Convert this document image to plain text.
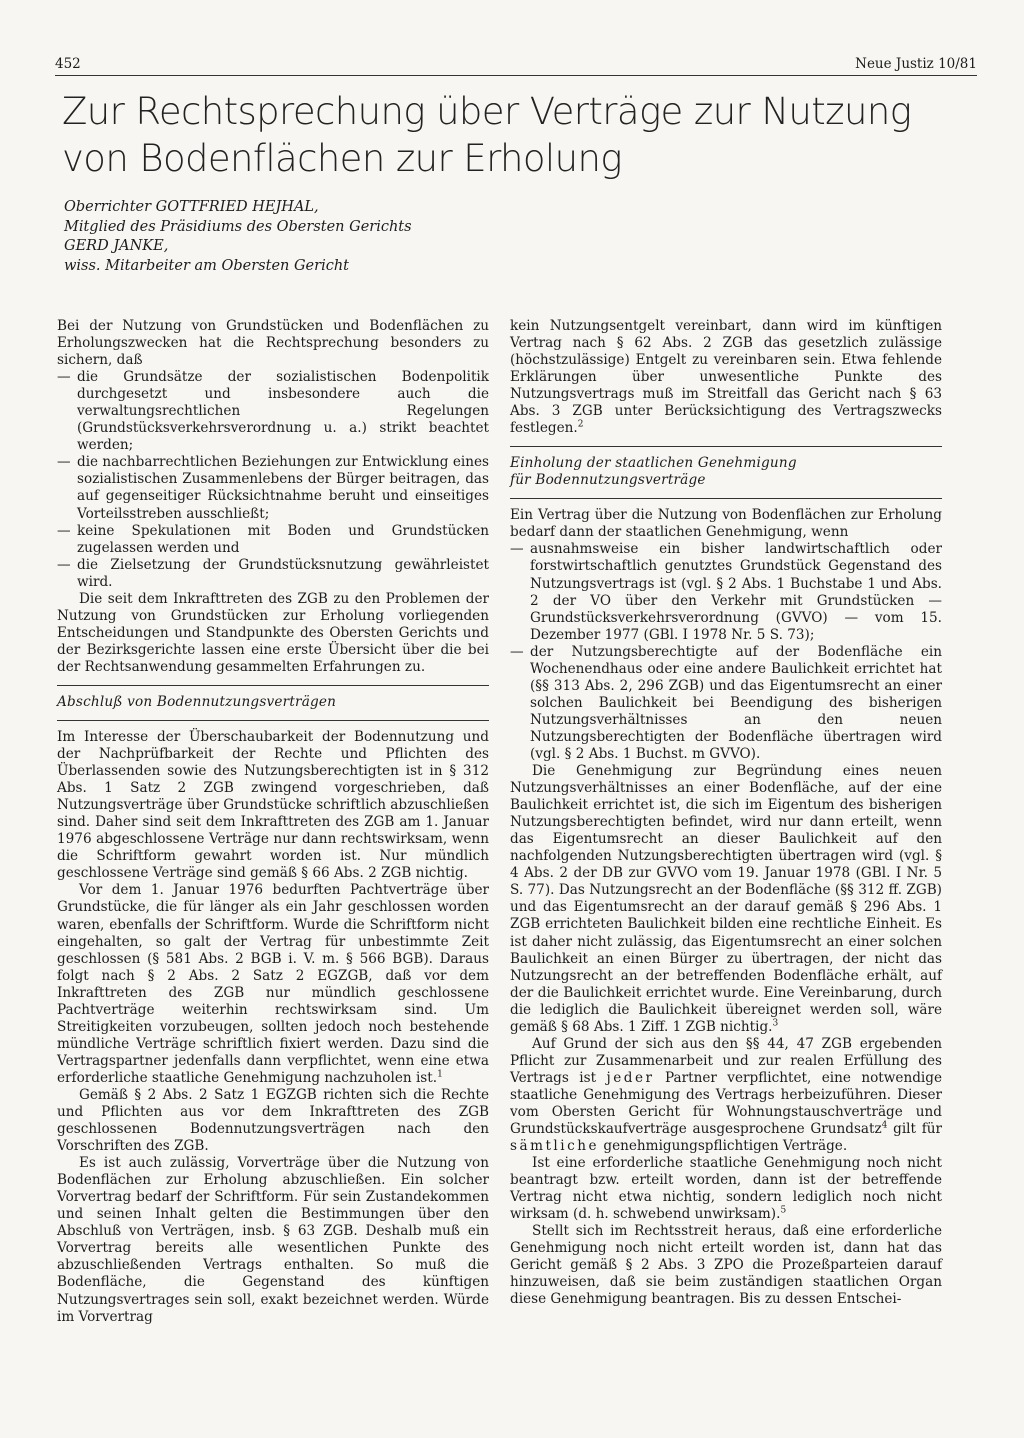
452	Neue Justiz 10/81
Zur Rechtsprechung über Verträge zur Nutzung
von Bodenflächen zur Erholung
Oberrichter GOTTFRIED HEJHAL,
Mitglied des Präsidiums des Obersten Gerichts
GERD JANKE,
wiss. Mitarbeiter am Obersten Gericht

Bei der Nutzung von Grundstücken und Bodenflächen zu Erholungszwecken hat die Rechtsprechung besonders zu sichern, daß

— die Grundsätze der sozialistischen Bodenpolitik durchgesetzt und insbesondere auch die verwaltungsrechtlichen Regelungen (Grundstücksverkehrsverordnung u. a.) strikt beachtet werden;
— die nachbarrechtlichen Beziehungen zur Entwicklung eines sozialistischen Zusammenlebens der Bürger beitragen, das auf gegenseitiger Rücksichtnahme beruht und einseitiges Vorteilsstreben ausschließt;
— keine Spekulationen mit Boden und Grundstücken zugelassen werden und
— die Zielsetzung der Grundstücksnutzung gewährleistet wird.

Die seit dem Inkrafttreten des ZGB zu den Problemen der Nutzung von Grundstücken zur Erholung vorliegenden Entscheidungen und Standpunkte des Obersten Gerichts und der Bezirksgerichte lassen eine erste Übersicht über die bei der Rechtsanwendung gesammelten Erfahrungen zu.

Abschluß von Bodennutzungsverträgen

Im Interesse der Überschaubarkeit der Bodennutzung und der Nachprüfbarkeit der Rechte und Pflichten des Überlassenden sowie des Nutzungsberechtigten ist in § 312 Abs. 1 Satz 2 ZGB zwingend vorgeschrieben, daß Nutzungsverträge über Grundstücke schriftlich abzuschließen sind. Daher sind seit dem Inkrafttreten des ZGB am 1. Januar 1976 abgeschlossene Verträge nur dann rechtswirksam, wenn die Schriftform gewahrt worden ist. Nur mündlich geschlossene Verträge sind gemäß § 66 Abs. 2 ZGB nichtig.

Vor dem 1. Januar 1976 bedurften Pachtverträge über Grundstücke, die für länger als ein Jahr geschlossen worden waren, ebenfalls der Schriftform. Wurde die Schriftform nicht eingehalten, so galt der Vertrag für unbestimmte Zeit geschlossen (§ 581 Abs. 2 BGB i. V. m. § 566 BGB). Daraus folgt nach § 2 Abs. 2 Satz 2 EGZGB, daß vor dem Inkrafttreten des ZGB nur mündlich geschlossene Pachtverträge weiterhin rechtswirksam sind. Um Streitigkeiten vorzubeugen, sollten jedoch noch bestehende mündliche Verträge schriftlich fixiert werden. Dazu sind die Vertragspartner jedenfalls dann verpflichtet, wenn eine etwa erforderliche staatliche Genehmigung nachzuholen ist.$^1$

Gemäß § 2 Abs. 2 Satz 1 EGZGB richten sich die Rechte und Pflichten aus vor dem Inkrafttreten des ZGB geschlossenen Bodennutzungsverträgen nach den Vorschriften des ZGB.

Es ist auch zulässig, Vorverträge über die Nutzung von Bodenflächen zur Erholung abzuschließen. Ein solcher Vorvertrag bedarf der Schriftform. Für sein Zustandekommen und seinen Inhalt gelten die Bestimmungen über den Abschluß von Verträgen, insb. § 63 ZGB. Deshalb muß ein Vorvertrag bereits alle wesentlichen Punkte des abzuschließenden Vertrags enthalten. So muß die Bodenfläche, die Gegenstand des künftigen Nutzungsvertrages sein soll, exakt bezeichnet werden. Würde im Vorvertrag

kein Nutzungsentgelt vereinbart, dann wird im künftigen Vertrag nach § 62 Abs. 2 ZGB das gesetzlich zulässige (höchstzulässige) Entgelt zu vereinbaren sein. Etwa fehlende Erklärungen über unwesentliche Punkte des Nutzungsvertrags muß im Streitfall das Gericht nach § 63 Abs. 3 ZGB unter Berücksichtigung des Vertragszwecks festlegen.$^2$

Einholung der staatlichen Genehmigung
für Bodennutzungsverträge

Ein Vertrag über die Nutzung von Bodenflächen zur Erholung bedarf dann der staatlichen Genehmigung, wenn

— ausnahmsweise ein bisher landwirtschaftlich oder forstwirtschaftlich genutztes Grundstück Gegenstand des Nutzungsvertrags ist (vgl. § 2 Abs. 1 Buchstabe 1 und Abs. 2 der VO über den Verkehr mit Grundstücken — Grundstücksverkehrsverordnung (GVVO) — vom 15. Dezember 1977 (GBl. I 1978 Nr. 5 S. 73);
— der Nutzungsberechtigte auf der Bodenfläche ein Wochenendhaus oder eine andere Baulichkeit errichtet hat (§§ 313 Abs. 2, 296 ZGB) und das Eigentumsrecht an einer solchen Baulichkeit bei Beendigung des bisherigen Nutzungsverhältnisses an den neuen Nutzungsberechtigten der Bodenfläche übertragen wird (vgl. § 2 Abs. 1 Buchst. m GVVO).

Die Genehmigung zur Begründung eines neuen Nutzungsverhältnisses an einer Bodenfläche, auf der eine Baulichkeit errichtet ist, die sich im Eigentum des bisherigen Nutzungsberechtigten befindet, wird nur dann erteilt, wenn das Eigentumsrecht an dieser Baulichkeit auf den nachfolgenden Nutzungsberechtigten übertragen wird (vgl. § 4 Abs. 2 der DB zur GVVO vom 19. Januar 1978 (GBl. I Nr. 5 S. 77). Das Nutzungsrecht an der Bodenfläche (§§ 312 ff. ZGB) und das Eigentumsrecht an der darauf gemäß § 296 Abs. 1 ZGB errichteten Baulichkeit bilden eine rechtliche Einheit. Es ist daher nicht zulässig, das Eigentumsrecht an einer solchen Baulichkeit an einen Bürger zu übertragen, der nicht das Nutzungsrecht an der betreffenden Bodenfläche erhält, auf der die Baulichkeit errichtet wurde. Eine Vereinbarung, durch die lediglich die Baulichkeit übereignet werden soll, wäre gemäß § 68 Abs. 1 Ziff. 1 ZGB nichtig.$^3$

Auf Grund der sich aus den §§ 44, 47 ZGB ergebenden Pflicht zur Zusammenarbeit und zur realen Erfüllung des Vertrags ist jeder Partner verpflichtet, eine notwendige staatliche Genehmigung des Vertrags herbeizuführen. Dieser vom Obersten Gericht für Wohnungstauschverträge und Grundstückskaufverträge ausgesprochene Grundsatz$^4$ gilt für sämtliche genehmigungspflichtigen Verträge.

Ist eine erforderliche staatliche Genehmigung noch nicht beantragt bzw. erteilt worden, dann ist der betreffende Vertrag nicht etwa nichtig, sondern lediglich noch nicht wirksam (d. h. schwebend unwirksam).$^5$

Stellt sich im Rechtsstreit heraus, daß eine erforderliche Genehmigung noch nicht erteilt worden ist, dann hat das Gericht gemäß § 2 Abs. 3 ZPO die Prozeßparteien darauf hinzuweisen, daß sie beim zuständigen staatlichen Organ diese Genehmigung beantragen. Bis zu dessen Entschei-
